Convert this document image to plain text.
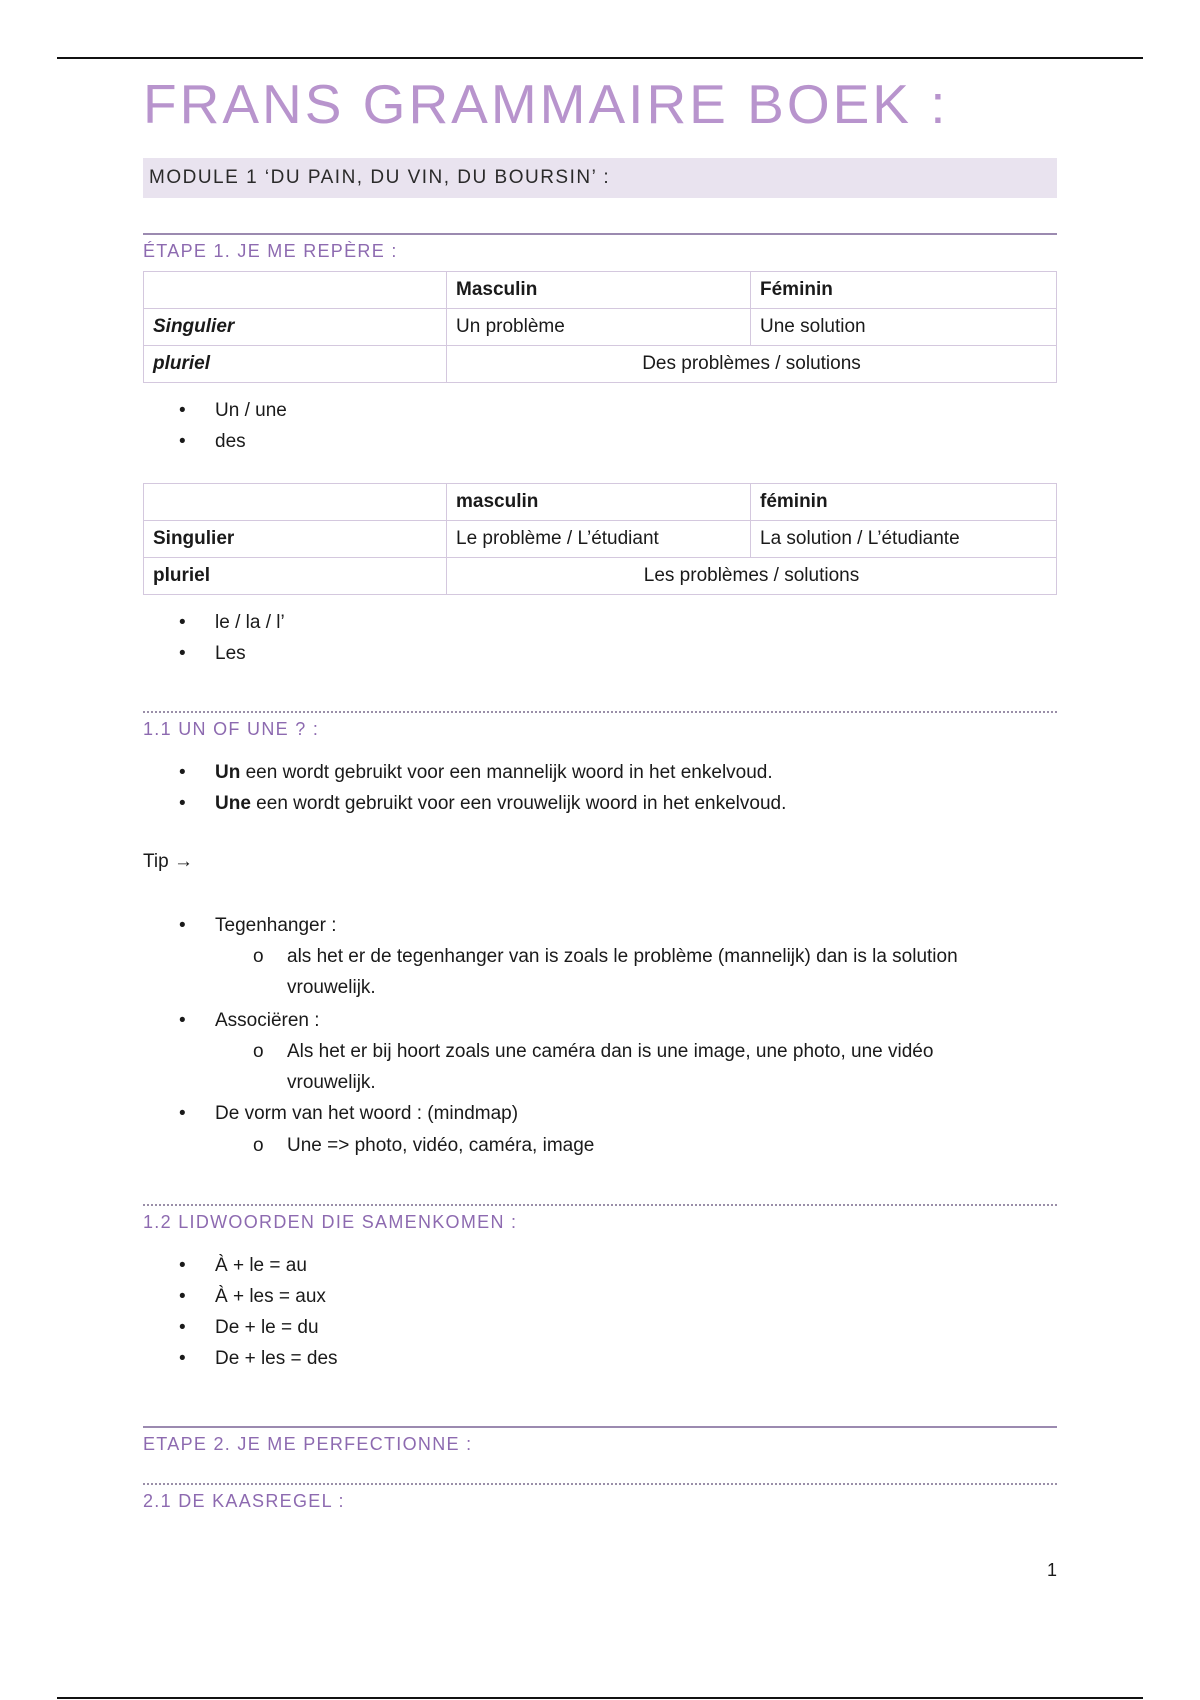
FRANS GRAMMAIRE BOEK :
MODULE 1 ‘DU PAIN, DU VIN, DU BOURSIN’ :
ÉTAPE 1. JE ME REPÈRE :
	Masculin	Féminin
Singulier	Un problème	Une solution
pluriel	Des problèmes / solutions	
• Un / une
• des
	masculin	féminin
Singulier	Le problème / L’étudiant	La solution / L’étudiante
pluriel	Les problèmes / solutions	
• le / la / l’
• Les
1.1 UN OF UNE ? :
• Un een wordt gebruikt voor een mannelijk woord in het enkelvoud.
• Une een wordt gebruikt voor een vrouwelijk woord in het enkelvoud.
Tip →
• Tegenhanger :
o als het er de tegenhanger van is zoals le problème (mannelijk) dan is la solution
vrouwelijk.
• Associëren :
o Als het er bij hoort zoals une caméra dan is une image, une photo, une vidéo
vrouwelijk.
• De vorm van het woord : (mindmap)
o Une => photo, vidéo, caméra, image
1.2 LIDWOORDEN DIE SAMENKOMEN :
• À + le = au
• À + les = aux
• De + le = du
• De + les = des
ETAPE 2. JE ME PERFECTIONNE :
2.1 DE KAASREGEL :
1
